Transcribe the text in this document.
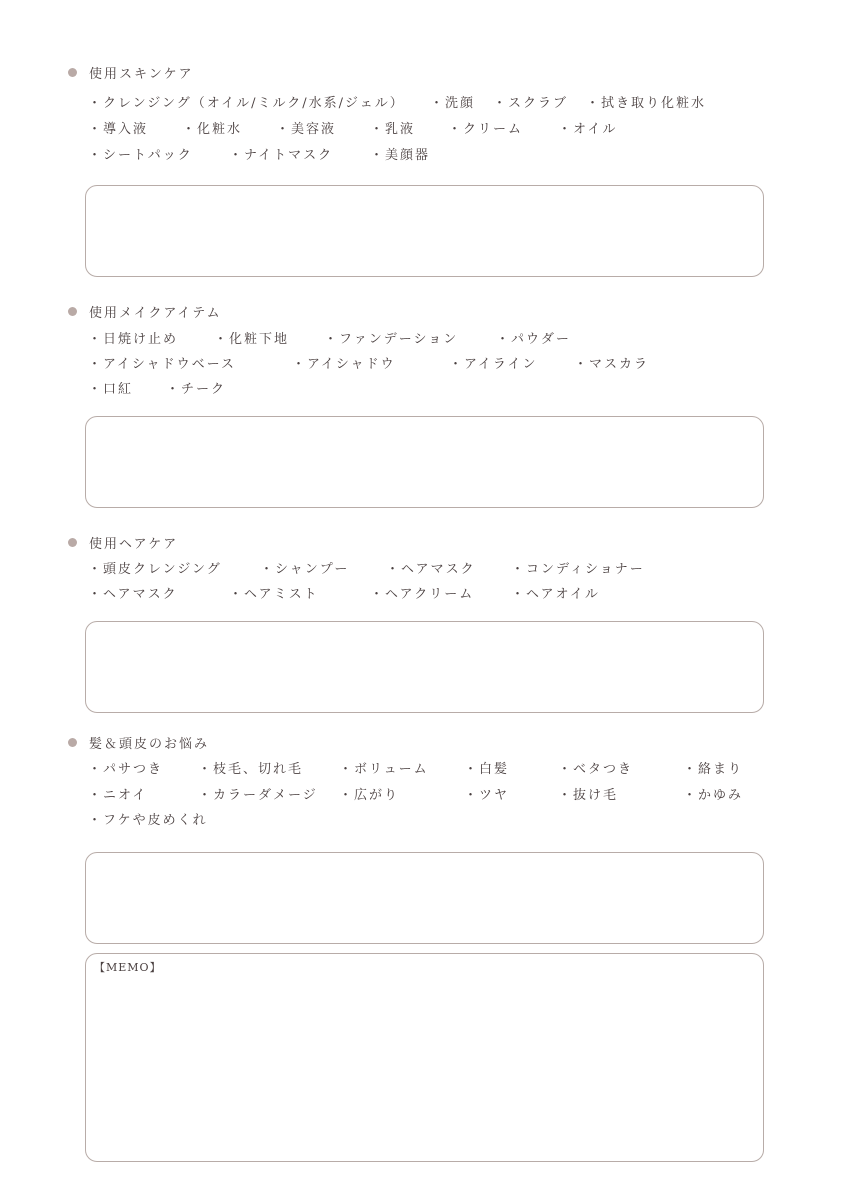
使用スキンケア
・クレンジング（オイル/ミルク/水系/ジェル） ・洗顔 ・スクラブ ・拭き取り化粧水
・導入液	・化粧水	・美容液	・乳液	・クリーム	・オイル
・シートパック	・ナイトマスク	・美顔器
使用メイクアイテム
・日焼け止め	・化粧下地	・ファンデーション	・パウダー
・アイシャドウベース	・アイシャドウ	・アイライン	・マスカラ
・口紅	・チーク
使用ヘアケア
・頭皮クレンジング	・シャンプー	・ヘアマスク	・コンディショナー
・ヘアマスク	・ヘアミスト	・ヘアクリーム	・ヘアオイル
髪＆頭皮のお悩み
・パサつき	・枝毛、切れ毛	・ボリューム	・白髪	・ベタつき	・絡まり
・ニオイ	・カラーダメージ ・広がり	・ツヤ	・抜け毛	・かゆみ
・フケや皮めくれ
【MEMO】
